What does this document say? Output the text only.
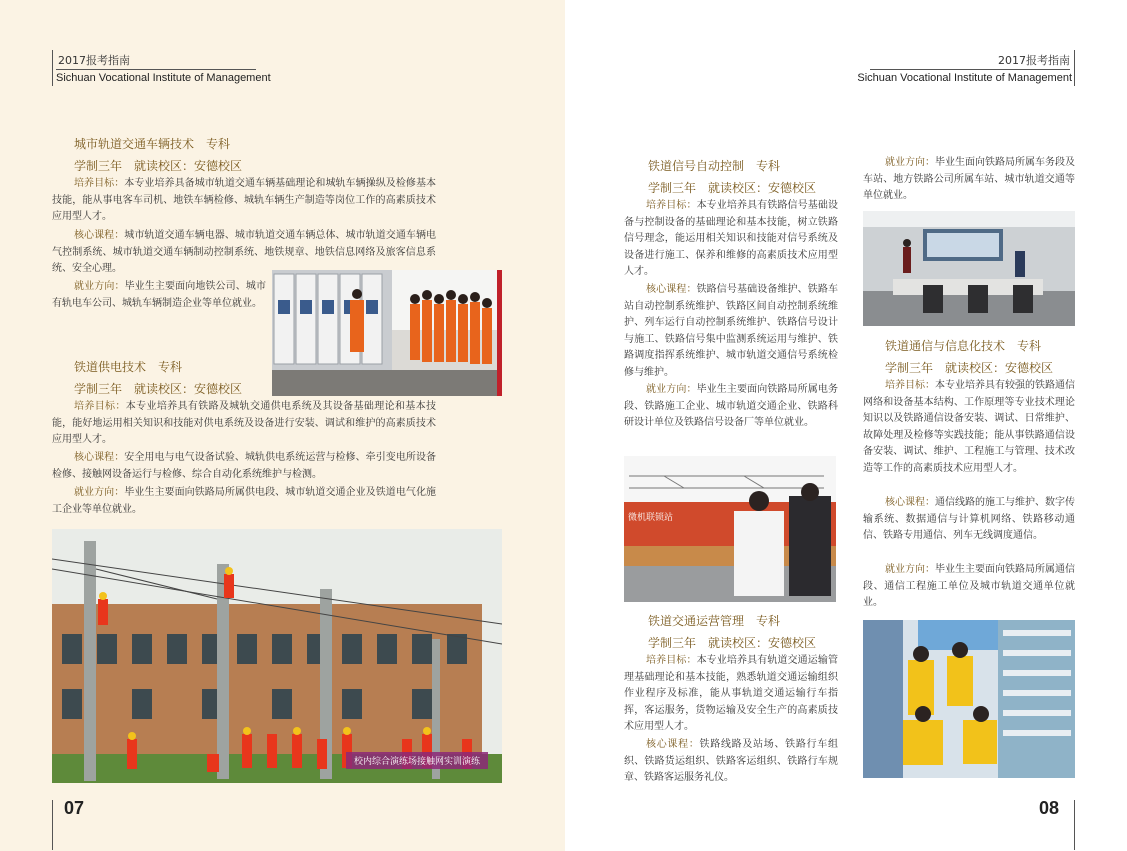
2017报考指南
Sichuan Vocational Institute of Management
城市轨道交通车辆技术　专科
学制三年　就读校区：安德校区

培养目标：本专业培养具备城市轨道交通车辆基础理论和城轨车辆操纵及检修基本技能，能从事电客车司机、地铁车辆检修、城轨车辆生产制造等岗位工作的高素质技术应用型人才。

核心课程：城市轨道交通车辆电器、城市轨道交通车辆总体、城市轨道交通车辆电气控制系统、城市轨道交通车辆制动控制系统、地铁规章、地铁信息网络及旅客信息系统、安全心理。

就业方向：毕业生主要面向地铁公司、城市有轨电车公司、城轨车辆制造企业等单位就业。

铁道供电技术　专科
学制三年　就读校区：安德校区

培养目标：本专业培养具有铁路及城轨交通供电系统及其设备基础理论和基本技能，能好地运用相关知识和技能对供电系统及设备进行安装、调试和维护的高素质技术应用型人才。

核心课程：安全用电与电气设备试验、城轨供电系统运营与检修、牵引变电所设备检修、接触网设备运行与检修、综合自动化系统维护与检测。

就业方向：毕业生主要面向铁路局所属供电段、城市轨道交通企业及铁道电气化施工企业等单位就业。

校内综合演练场接触网实训演练
07
2017报考指南
Sichuan Vocational Institute of Management
铁道信号自动控制　专科
学制三年　就读校区：安德校区

培养目标：本专业培养具有铁路信号基础设备与控制设备的基础理论和基本技能，树立铁路信号理念，能运用相关知识和技能对信号系统及设备进行施工、保养和维修的高素质技术应用型人才。

核心课程：铁路信号基础设备维护、铁路车站自动控制系统维护、铁路区间自动控制系统维护、列车运行自动控制系统维护、铁路信号设计与施工、铁路信号集中监测系统运用与维护、铁路调度指挥系统维护、城市轨道交通信号系统检修与维护。

就业方向：毕业生主要面向铁路局所属电务段、铁路施工企业、城市轨道交通企业、铁路科研设计单位及铁路信号设备厂等单位就业。

微机联锁站
铁道交通运营管理　专科
学制三年　就读校区：安德校区

培养目标：本专业培养具有轨道交通运输管理基础理论和基本技能，熟悉轨道交通运输组织作业程序及标准，能从事轨道交通运输行车指挥，客运服务，货物运输及安全生产的高素质技术应用型人才。

核心课程：铁路线路及站场、铁路行车组织、铁路货运组织、铁路客运组织、铁路行车规章、铁路客运服务礼仪。

就业方向：毕业生面向铁路局所属车务段及车站、地方铁路公司所属车站、城市轨道交通等单位就业。

铁道通信与信息化技术　专科
学制三年　就读校区：安德校区

培养目标：本专业培养具有较强的铁路通信网络和设备基本结构、工作原理等专业技术理论知识以及铁路通信设备安装、调试、日常维护、故障处理及检修等实践技能；能从事铁路通信设备安装、调试、维护、工程施工与管理、技术改造等工作的高素质技术应用型人才。

核心课程：通信线路的施工与维护、数字传输系统、数据通信与计算机网络、铁路移动通信、铁路专用通信、列车无线调度通信。

就业方向：毕业生主要面向铁路局所属通信段、通信工程施工单位及城市轨道交通单位就业。

08
